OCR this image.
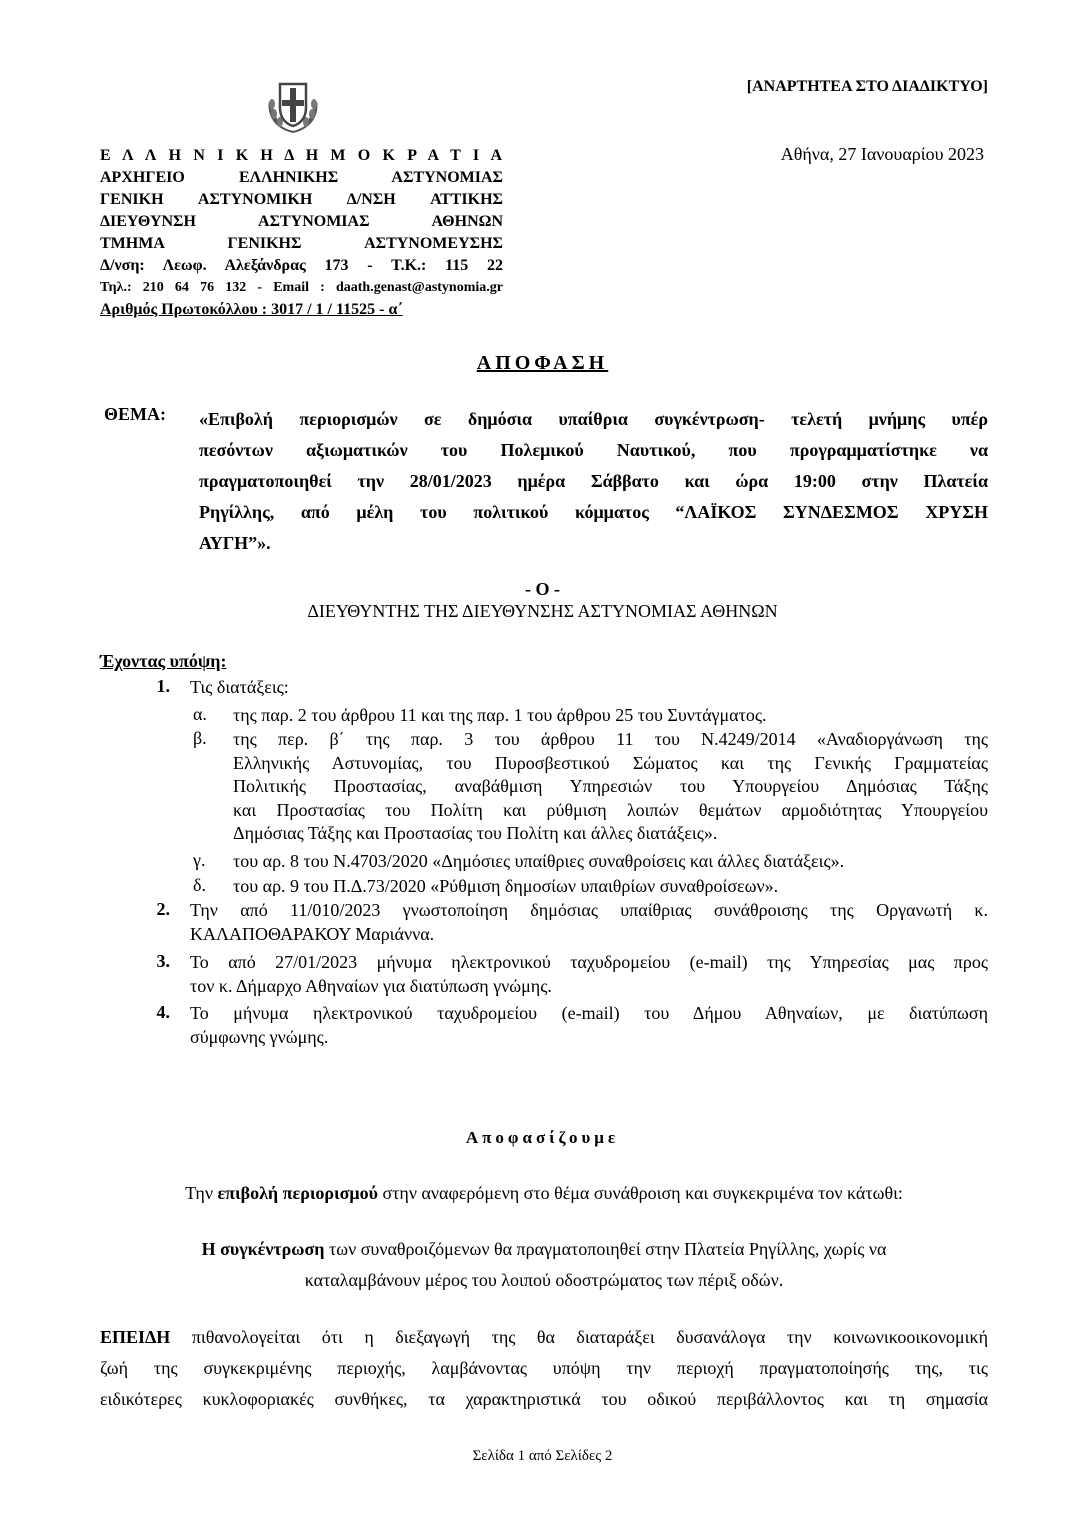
[ΑΝΑΡΤΗΤΕΑ ΣΤΟ ΔΙΑΔΙΚΤΥΟ]
Αθήνα, 27 Ιανουαρίου 2023
Ε Λ Λ Η Ν Ι Κ Η Δ Η Μ Ο Κ Ρ Α Τ Ι Α
ΑΡΧΗΓΕΙΟ ΕΛΛΗΝΙΚΗΣ ΑΣΤΥΝΟΜΙΑΣ
ΓΕΝΙΚΗ ΑΣΤΥΝΟΜΙΚΗ Δ/ΝΣΗ ΑΤΤΙΚΗΣ
ΔΙΕΥΘΥΝΣΗ ΑΣΤΥΝΟΜΙΑΣ ΑΘΗΝΩΝ
ΤΜΗΜΑ ΓΕΝΙΚΗΣ ΑΣΤΥΝΟΜΕΥΣΗΣ
Δ/νση: Λεωφ. Αλεξάνδρας 173 - Τ.Κ.: 115 22
Τηλ.: 210 64 76 132 - Email : daath.genast@astynomia.gr
Αριθμός Πρωτοκόλλου : 3017 / 1 / 11525 - α΄
ΑΠΟΦΑΣΗ
ΘΕΜΑ: «Επιβολή περιορισμών σε δημόσια υπαίθρια συγκέντρωση- τελετή μνήμης υπέρ
πεσόντων αξιωματικών του Πολεμικού Ναυτικού, που προγραμματίστηκε να
πραγματοποιηθεί την 28/01/2023 ημέρα Σάββατο και ώρα 19:00 στην Πλατεία
Ρηγίλλης, από μέλη του πολιτικού κόμματος “ΛΑΪΚΟΣ ΣΥΝΔΕΣΜΟΣ ΧΡΥΣΗ
ΑΥΓΗ”».
- Ο -
ΔΙΕΥΘΥΝΤΗΣ ΤΗΣ ΔΙΕΥΘΥΝΣΗΣ ΑΣΤΥΝΟΜΙΑΣ ΑΘΗΝΩΝ
Έχοντας υπόψη:
1. Τις διατάξεις:
α. της παρ. 2 του άρθρου 11 και της παρ. 1 του άρθρου 25 του Συντάγματος.
β. της περ. β΄ της παρ. 3 του άρθρου 11 του Ν.4249/2014 «Αναδιοργάνωση της
Ελληνικής Αστυνομίας, του Πυροσβεστικού Σώματος και της Γενικής Γραμματείας
Πολιτικής Προστασίας, αναβάθμιση Υπηρεσιών του Υπουργείου Δημόσιας Τάξης
και Προστασίας του Πολίτη και ρύθμιση λοιπών θεμάτων αρμοδιότητας Υπουργείου
Δημόσιας Τάξης και Προστασίας του Πολίτη και άλλες διατάξεις».
γ. του αρ. 8 του Ν.4703/2020 «Δημόσιες υπαίθριες συναθροίσεις και άλλες διατάξεις».
δ. του αρ. 9 του Π.Δ.73/2020 «Ρύθμιση δημοσίων υπαιθρίων συναθροίσεων».
2. Την από 11/010/2023 γνωστοποίηση δημόσιας υπαίθριας συνάθροισης της Οργανωτή κ.
ΚΑΛΑΠΟΘΑΡΑΚΟΥ Μαριάννα.
3. Το από 27/01/2023 μήνυμα ηλεκτρονικού ταχυδρομείου (e-mail) της Υπηρεσίας μας προς
τον κ. Δήμαρχο Αθηναίων για διατύπωση γνώμης.
4. Το μήνυμα ηλεκτρονικού ταχυδρομείου (e-mail) του Δήμου Αθηναίων, με διατύπωση
σύμφωνης γνώμης.
Αποφασίζουμε
Την επιβολή περιορισμού στην αναφερόμενη στο θέμα συνάθροιση και συγκεκριμένα τον κάτωθι:
Η συγκέντρωση των συναθροιζόμενων θα πραγματοποιηθεί στην Πλατεία Ρηγίλλης, χωρίς να
καταλαμβάνουν μέρος του λοιπού οδοστρώματος των πέριξ οδών.
ΕΠΕΙΔΗ πιθανολογείται ότι η διεξαγωγή της θα διαταράξει δυσανάλογα την κοινωνικοοικονομική
ζωή της συγκεκριμένης περιοχής, λαμβάνοντας υπόψη την περιοχή πραγματοποίησής της, τις
ειδικότερες κυκλοφοριακές συνθήκες, τα χαρακτηριστικά του οδικού περιβάλλοντος και τη σημασία
Σελίδα 1 από Σελίδες 2
